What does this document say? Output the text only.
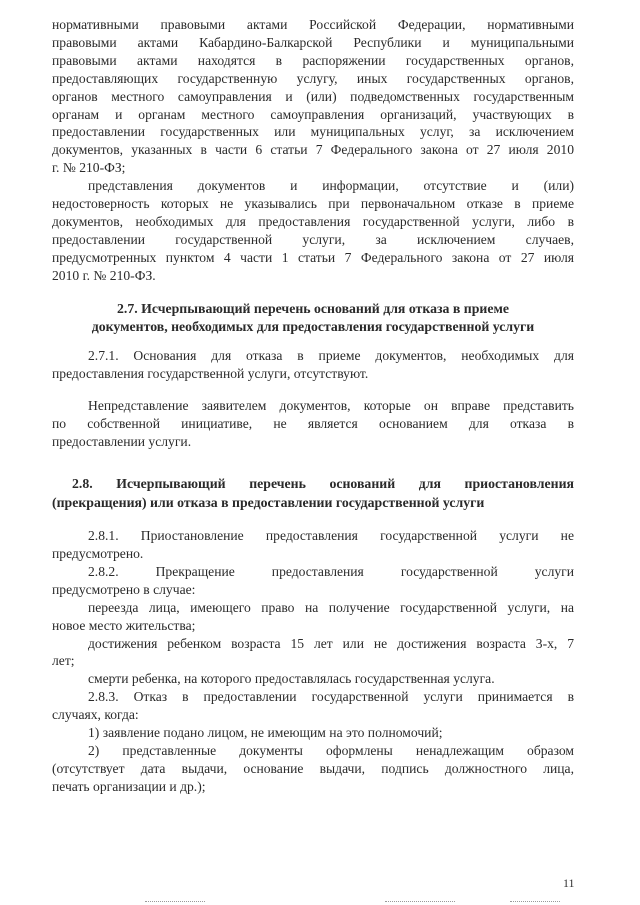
нормативными правовыми актами Российской Федерации, нормативными
правовыми актами Кабардино-Балкарской Республики и муниципальными
правовыми актами находятся в распоряжении государственных органов,
предоставляющих государственную услугу, иных государственных органов,
органов местного самоуправления и (или) подведомственных государственным
органам и органам местного самоуправления организаций, участвующих в
предоставлении государственных или муниципальных услуг, за исключением
документов, указанных в части 6 статьи 7 Федерального закона от 27 июля 2010
г. № 210-ФЗ;
представления документов и информации, отсутствие и (или)
недостоверность которых не указывались при первоначальном отказе в приеме
документов, необходимых для предоставления государственной услуги, либо в
предоставлении государственной услуги, за исключением случаев,
предусмотренных пунктом 4 части 1 статьи 7 Федерального закона от 27 июля
2010 г. № 210-ФЗ.
2.7. Исчерпывающий перечень оснований для отказа в приеме
документов, необходимых для предоставления государственной услуги
2.7.1. Основания для отказа в приеме документов, необходимых для
предоставления государственной услуги, отсутствуют.
Непредставление заявителем документов, которые он вправе представить
по собственной инициативе, не является основанием для отказа в
предоставлении услуги.
2.8. Исчерпывающий перечень оснований для приостановления
(прекращения) или отказа в предоставлении государственной услуги
2.8.1. Приостановление предоставления государственной услуги не
предусмотрено.
2.8.2. Прекращение предоставления государственной услуги
предусмотрено в случае:
переезда лица, имеющего право на получение государственной услуги, на
новое место жительства;
достижения ребенком возраста 15 лет или не достижения возраста 3-х, 7
лет;
смерти ребенка, на которого предоставлялась государственная услуга.
2.8.3. Отказ в предоставлении государственной услуги принимается в
случаях, когда:
1) заявление подано лицом, не имеющим на это полномочий;
2) представленные документы оформлены ненадлежащим образом
(отсутствует дата выдачи, основание выдачи, подпись должностного лица,
печать организации и др.);
11
